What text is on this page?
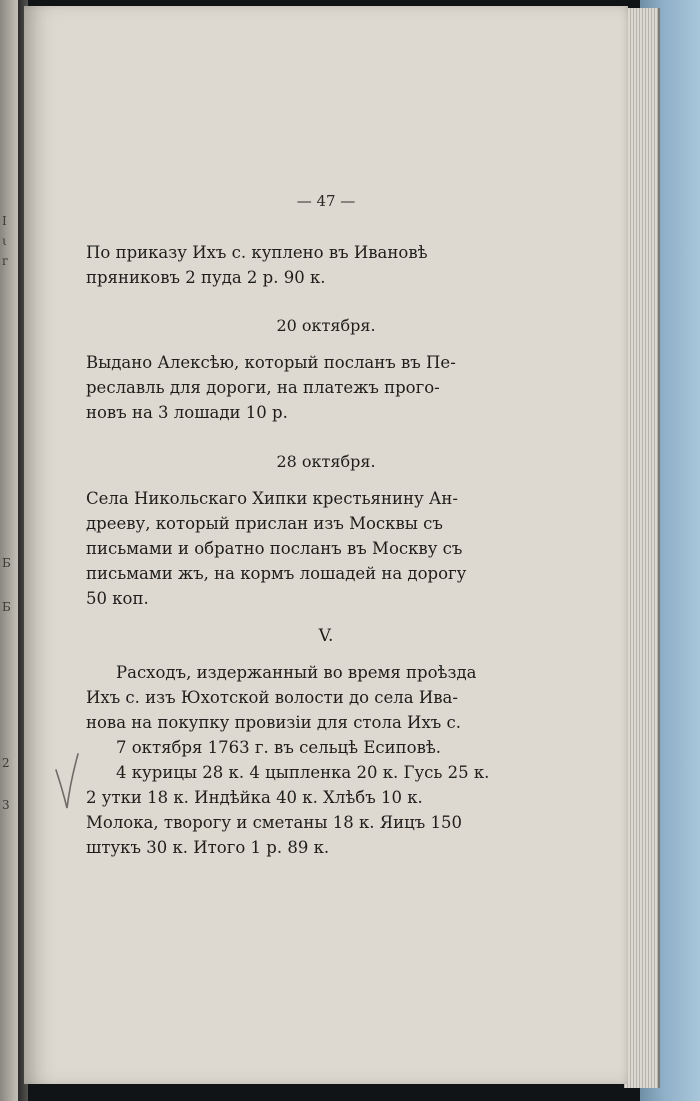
I
ι
г
Б
Б
2
3
— 47 —
По приказу Ихъ с. куплено въ Ивановѣ
пряниковъ 2 пуда 2 р. 90 к.
20 октября.
Выдано Алексѣю, который посланъ въ Пе-
реславль для дороги, на платежъ прого-
новъ на 3 лошади 10 р.
28 октября.
Села Никольскаго Хипки крестьянину Ан-
дрееву, который прислан изъ Москвы съ
письмами и обратно посланъ въ Москву съ
письмами жъ, на кормъ лошадей на дорогу
50 коп.
V.
Расходъ, издержанный во время проѣзда
Ихъ с. изъ Юхотской волости до села Ива-
нова на покупку провизіи для стола Ихъ с.
7 октября 1763 г. въ сельцѣ Есиповѣ.
4 курицы 28 к. 4 цыпленка 20 к. Гусь 25 к.
2 утки 18 к. Индѣйка 40 к. Хлѣбъ 10 к.
Молока, творогу и сметаны 18 к. Яицъ 150
штукъ 30 к. Итого 1 р. 89 к.
